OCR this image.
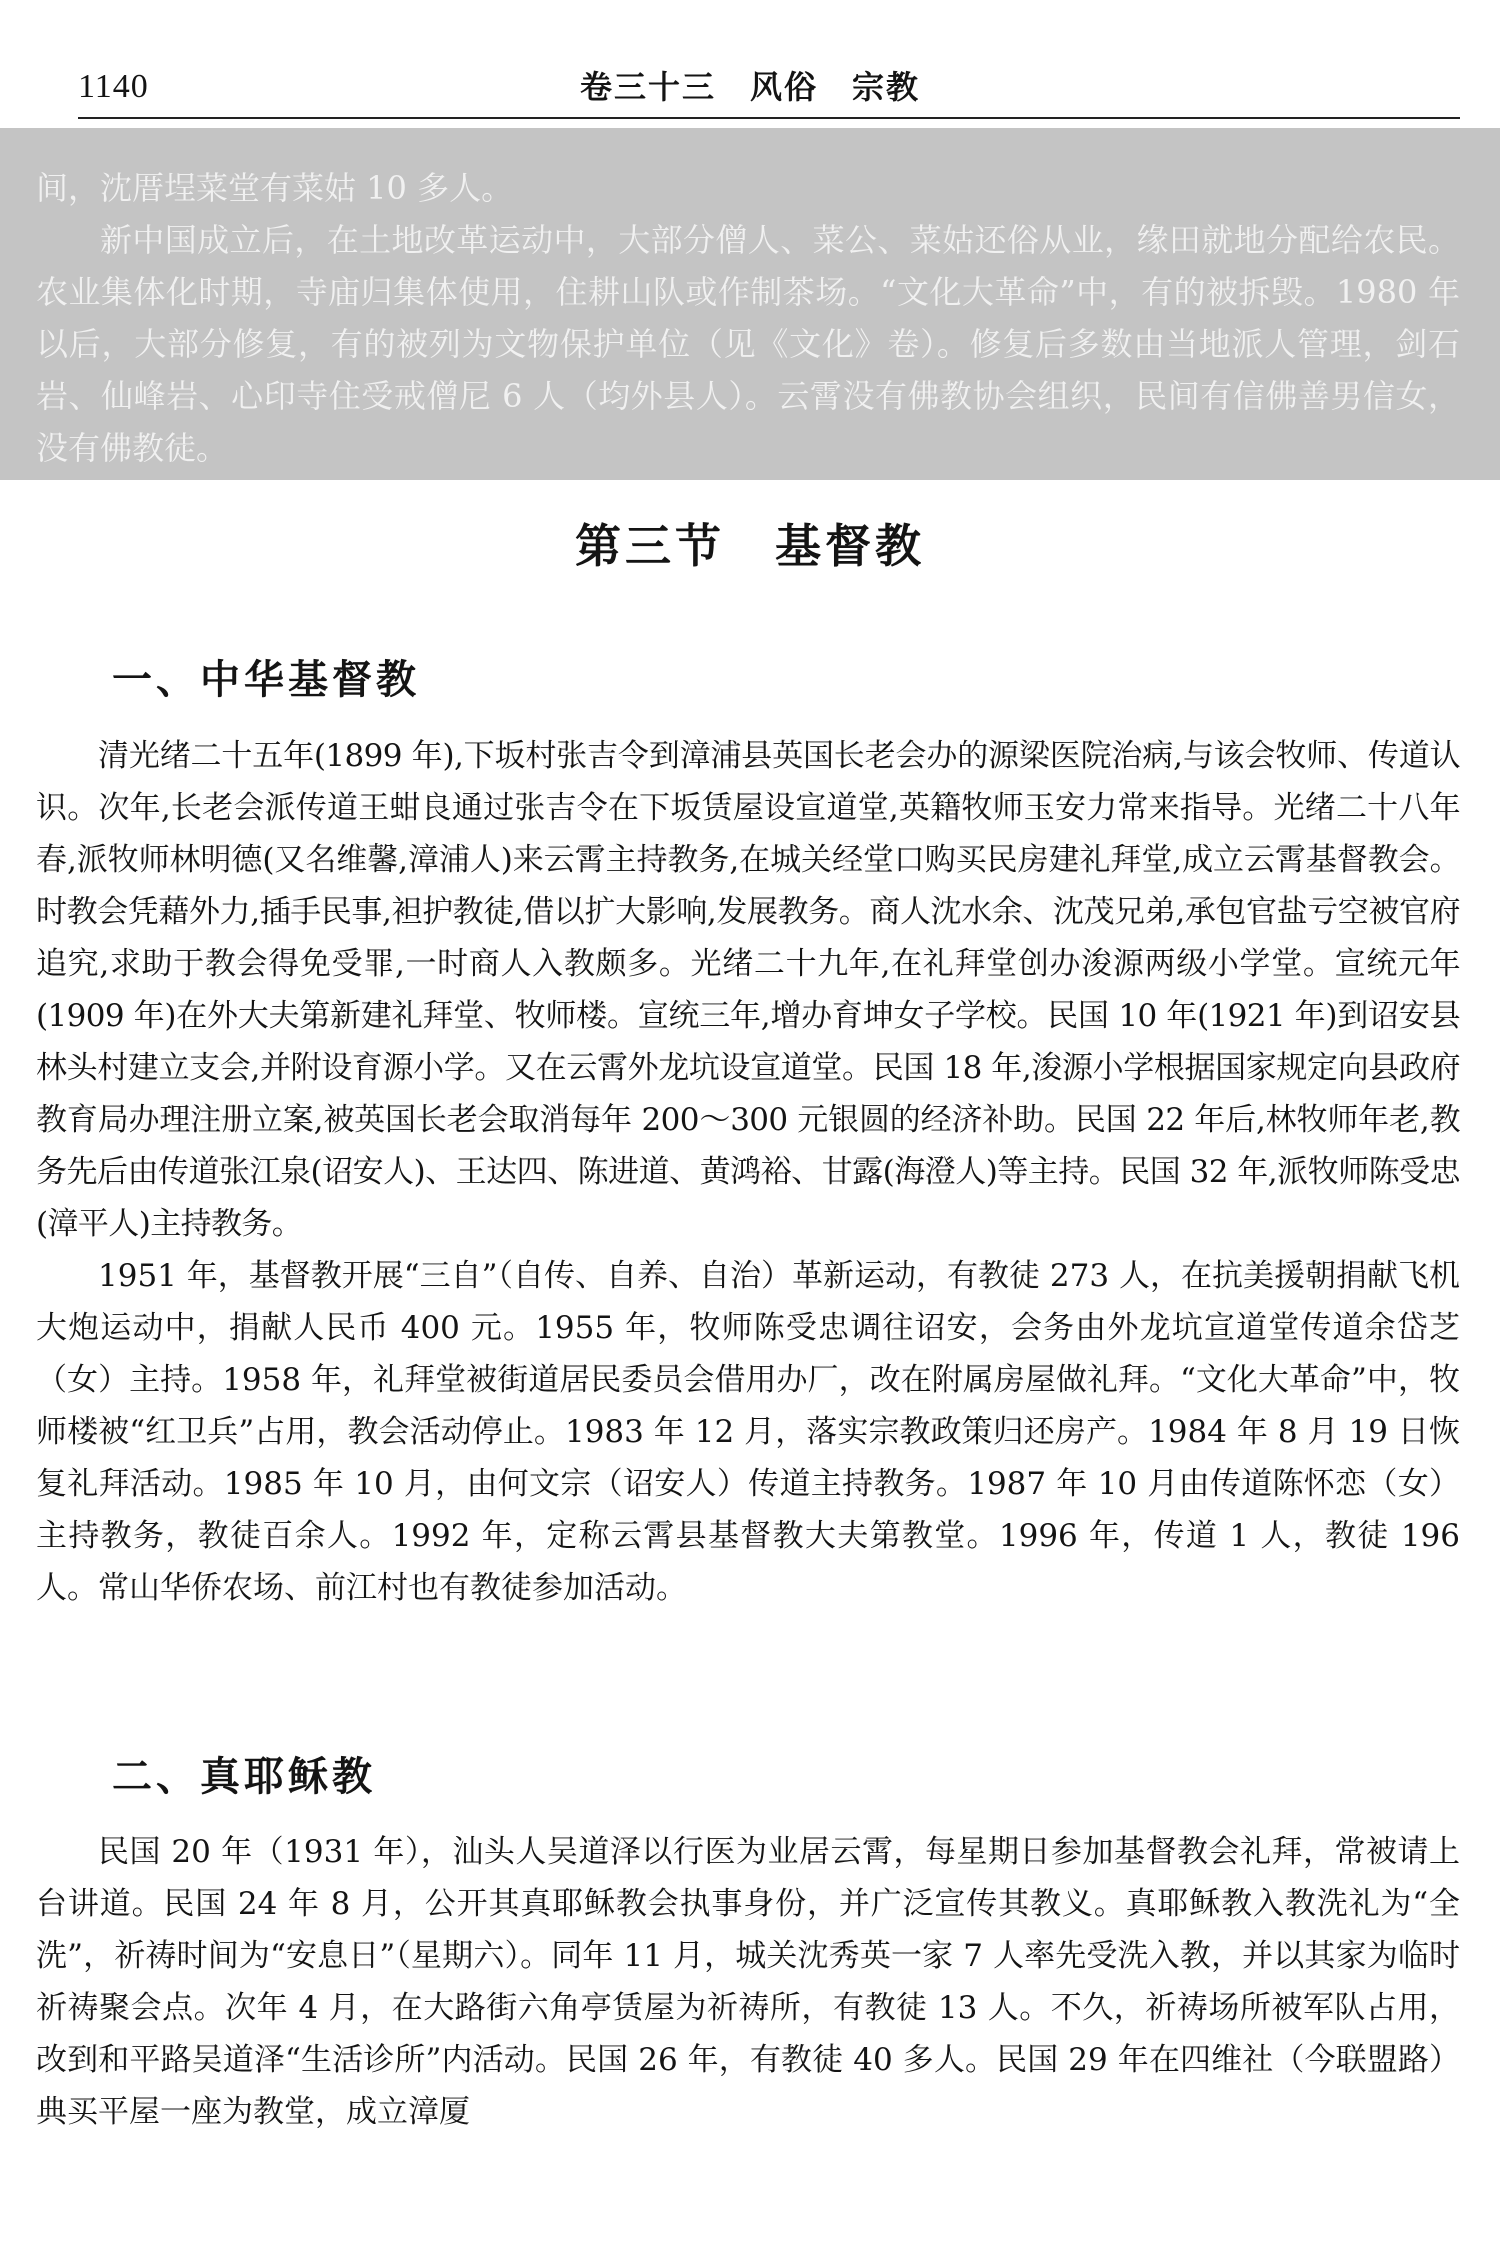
1140	卷三十三　风俗　宗教

间，沈厝埕菜堂有菜姑 10 多人。

新中国成立后，在土地改革运动中，大部分僧人、菜公、菜姑还俗从业，缘田就地分配给农民。农业集体化时期，寺庙归集体使用，住耕山队或作制茶场。“文化大革命”中，有的被拆毁。1980 年以后，大部分修复，有的被列为文物保护单位（见《文化》卷）。修复后多数由当地派人管理，剑石岩、仙峰岩、心印寺住受戒僧尼 6 人（均外县人）。云霄没有佛教协会组织，民间有信佛善男信女，没有佛教徒。

第三节　基督教
一、中华基督教

清光绪二十五年(1899 年),下坂村张吉令到漳浦县英国长老会办的源梁医院治病,与该会牧师、传道认识。次年,长老会派传道王蚶良通过张吉令在下坂赁屋设宣道堂,英籍牧师玉安力常来指导。光绪二十八年春,派牧师林明德(又名维馨,漳浦人)来云霄主持教务,在城关经堂口购买民房建礼拜堂,成立云霄基督教会。时教会凭藉外力,插手民事,袒护教徒,借以扩大影响,发展教务。商人沈水余、沈茂兄弟,承包官盐亏空被官府追究,求助于教会得免受罪,一时商人入教颇多。光绪二十九年,在礼拜堂创办浚源两级小学堂。宣统元年(1909 年)在外大夫第新建礼拜堂、牧师楼。宣统三年,增办育坤女子学校。民国 10 年(1921 年)到诏安县林头村建立支会,并附设育源小学。又在云霄外龙坑设宣道堂。民国 18 年,浚源小学根据国家规定向县政府教育局办理注册立案,被英国长老会取消每年 200～300 元银圆的经济补助。民国 22 年后,林牧师年老,教务先后由传道张江泉(诏安人)、王达四、陈进道、黄鸿裕、甘露(海澄人)等主持。民国 32 年,派牧师陈受忠(漳平人)主持教务。

1951 年，基督教开展“三自”（自传、自养、自治）革新运动，有教徒 273 人，在抗美援朝捐献飞机大炮运动中，捐献人民币 400 元。1955 年，牧师陈受忠调往诏安，会务由外龙坑宣道堂传道余岱芝（女）主持。1958 年，礼拜堂被街道居民委员会借用办厂，改在附属房屋做礼拜。“文化大革命”中，牧师楼被“红卫兵”占用，教会活动停止。1983 年 12 月，落实宗教政策归还房产。1984 年 8 月 19 日恢复礼拜活动。1985 年 10 月，由何文宗（诏安人）传道主持教务。1987 年 10 月由传道陈怀恋（女）主持教务，教徒百余人。1992 年，定称云霄县基督教大夫第教堂。1996 年，传道 1 人，教徒 196 人。常山华侨农场、前江村也有教徒参加活动。

二、真耶稣教

民国 20 年（1931 年），汕头人吴道泽以行医为业居云霄，每星期日参加基督教会礼拜，常被请上台讲道。民国 24 年 8 月，公开其真耶稣教会执事身份，并广泛宣传其教义。真耶稣教入教洗礼为“全洗”，祈祷时间为“安息日”（星期六）。同年 11 月，城关沈秀英一家 7 人率先受洗入教，并以其家为临时祈祷聚会点。次年 4 月，在大路街六角亭赁屋为祈祷所，有教徒 13 人。不久，祈祷场所被军队占用，改到和平路吴道泽“生活诊所”内活动。民国 26 年，有教徒 40 多人。民国 29 年在四维社（今联盟路）典买平屋一座为教堂，成立漳厦
